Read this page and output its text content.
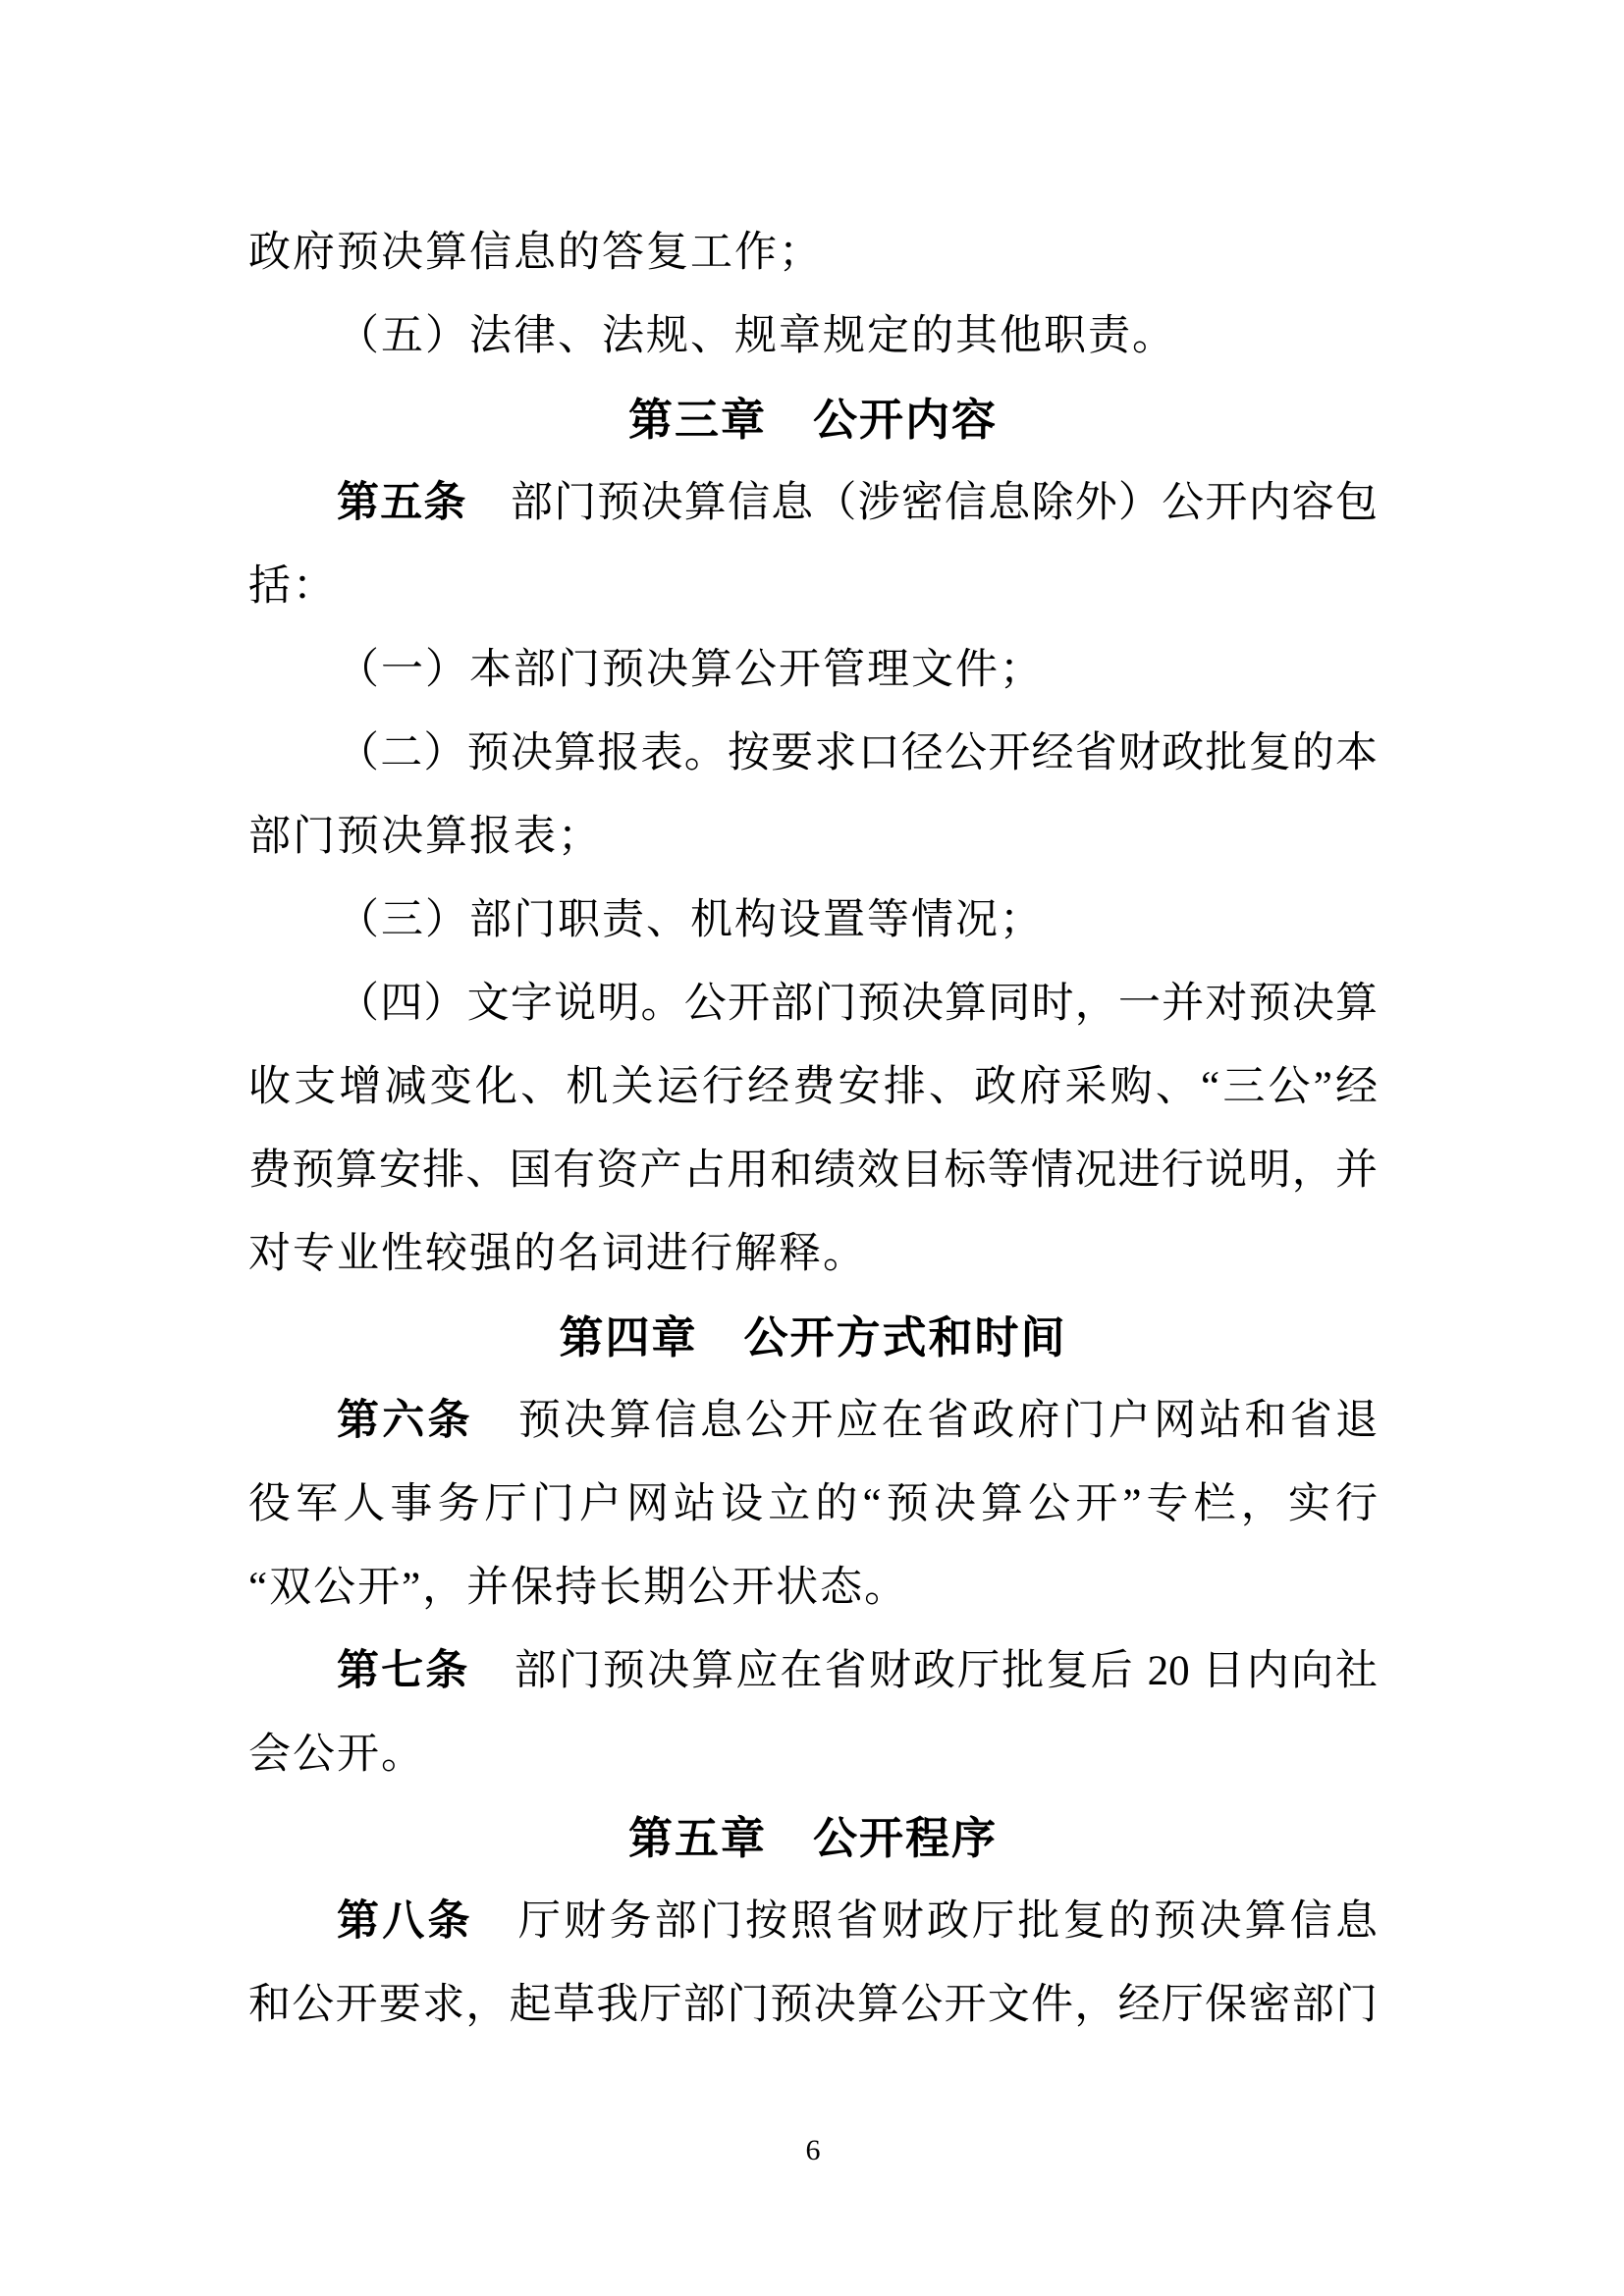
政府预决算信息的答复工作；
（五）法律、法规、规章规定的其他职责。
第三章　公开内容
第五条　部门预决算信息（涉密信息除外）公开内容包
括：
（一）本部门预决算公开管理文件；
（二）预决算报表。按要求口径公开经省财政批复的本
部门预决算报表；
（三）部门职责、机构设置等情况；
（四）文字说明。公开部门预决算同时，一并对预决算
收支增减变化、机关运行经费安排、政府采购、“三公”经
费预算安排、国有资产占用和绩效目标等情况进行说明，并
对专业性较强的名词进行解释。
第四章　公开方式和时间
第六条　预决算信息公开应在省政府门户网站和省退
役军人事务厅门户网站设立的“预决算公开”专栏，实行
“双公开”，并保持长期公开状态。
第七条　部门预决算应在省财政厅批复后 20 日内向社
会公开。
第五章　公开程序
第八条　厅财务部门按照省财政厅批复的预决算信息
和公开要求，起草我厅部门预决算公开文件，经厅保密部门
6
